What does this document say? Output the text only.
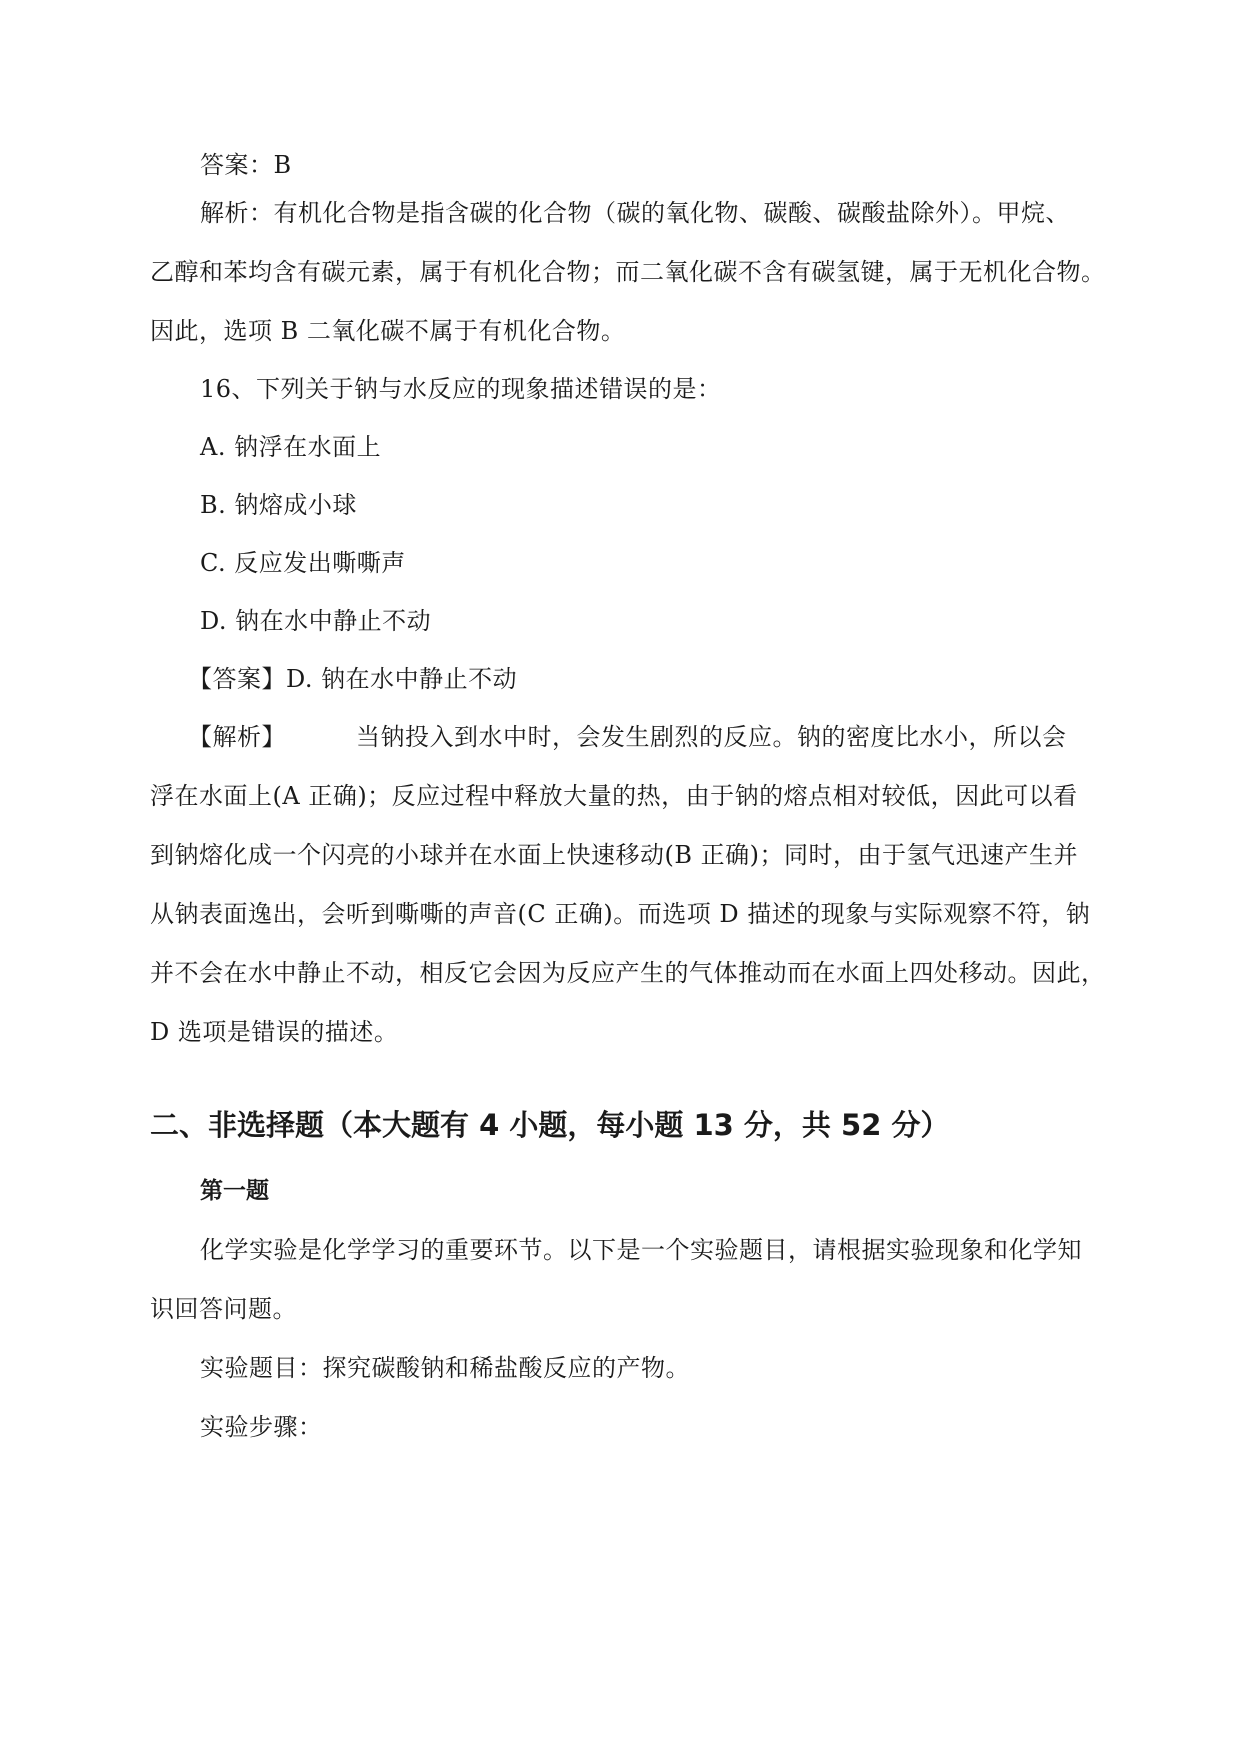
答案：B
解析：有机化合物是指含碳的化合物（碳的氧化物、碳酸、碳酸盐除外）。甲烷、
乙醇和苯均含有碳元素，属于有机化合物；而二氧化碳不含有碳氢键，属于无机化合物。
因此，选项 B 二氧化碳不属于有机化合物。
16、下列关于钠与水反应的现象描述错误的是：
A. 钠浮在水面上
B. 钠熔成小球
C. 反应发出嘶嘶声
D. 钠在水中静止不动
【答案】D. 钠在水中静止不动
【解析】	当钠投入到水中时，会发生剧烈的反应。钠的密度比水小，所以会
浮在水面上(A 正确)；反应过程中释放大量的热，由于钠的熔点相对较低，因此可以看
到钠熔化成一个闪亮的小球并在水面上快速移动(B 正确)；同时，由于氢气迅速产生并
从钠表面逸出，会听到嘶嘶的声音(C 正确)。而选项 D 描述的现象与实际观察不符，钠
并不会在水中静止不动，相反它会因为反应产生的气体推动而在水面上四处移动。因此，
D 选项是错误的描述。
二、非选择题（本大题有 4 小题，每小题 13 分，共 52 分）
第一题
化学实验是化学学习的重要环节。以下是一个实验题目，请根据实验现象和化学知
识回答问题。
实验题目：探究碳酸钠和稀盐酸反应的产物。
实验步骤：
